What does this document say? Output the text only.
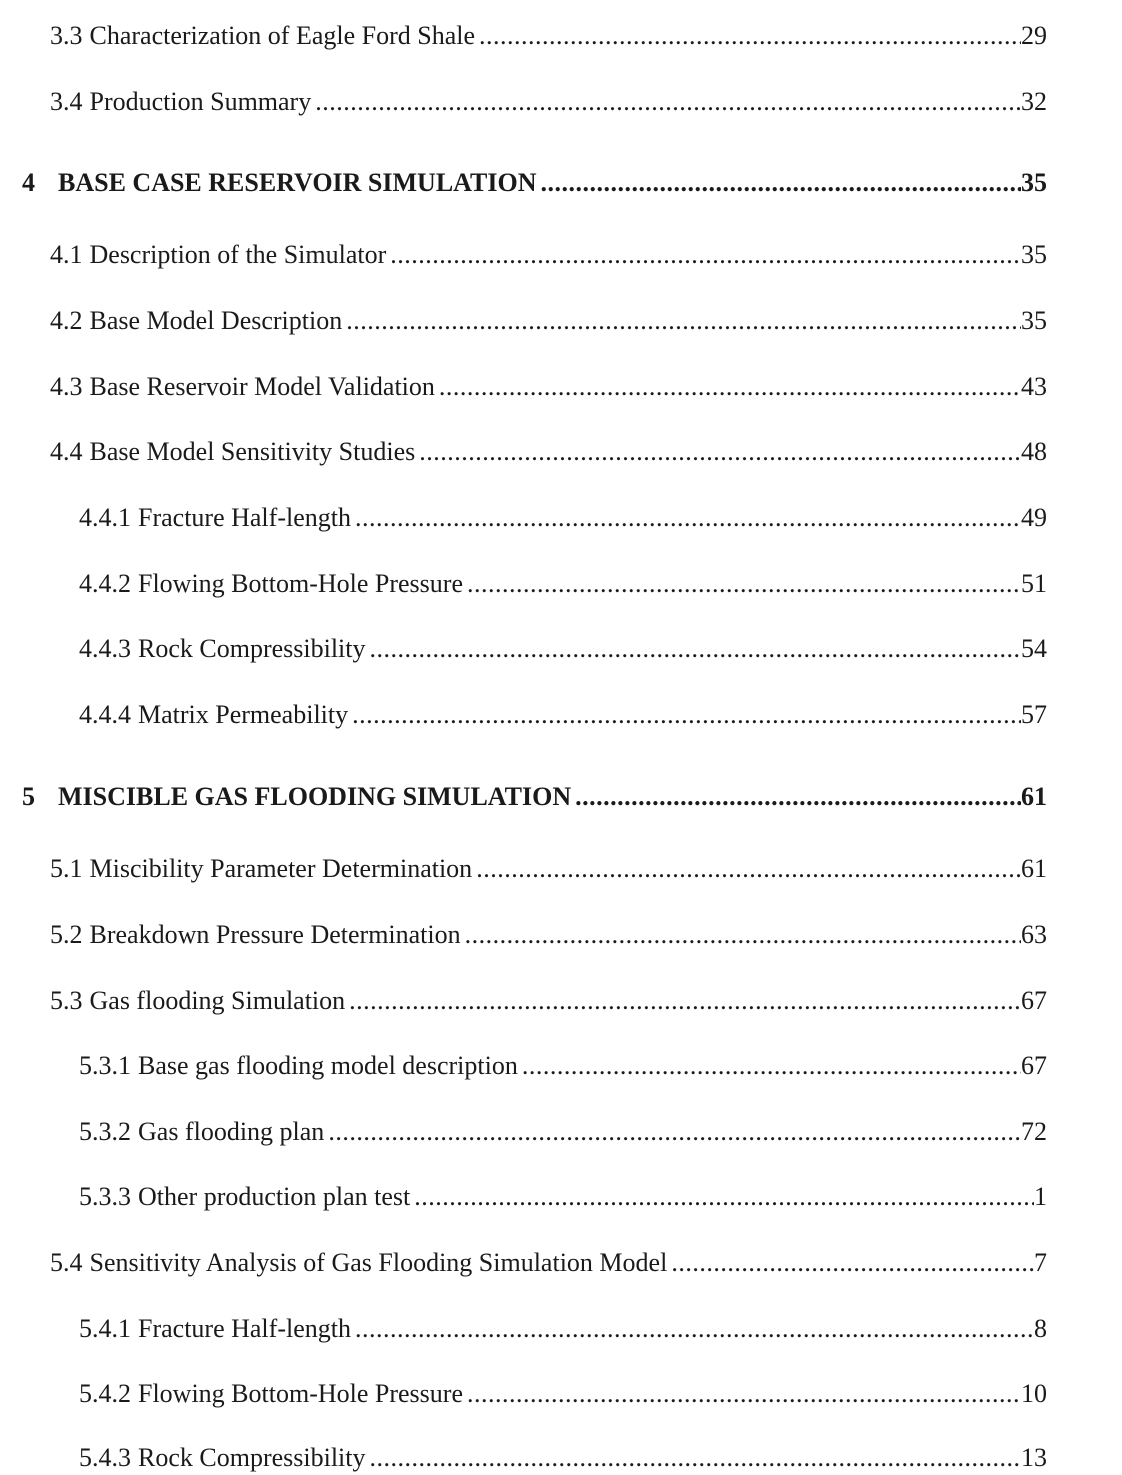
3.3 Characterization of Eagle Ford Shale .....	29
3.4 Production Summary .....	32
4 BASE CASE RESERVOIR SIMULATION .....	35
4.1 Description of the Simulator .....	35
4.2 Base Model Description .....	35
4.3 Base Reservoir Model Validation .....	43
4.4 Base Model Sensitivity Studies .....	48
4.4.1 Fracture Half-length .....	49
4.4.2 Flowing Bottom-Hole Pressure .....	51
4.4.3 Rock Compressibility .....	54
4.4.4 Matrix Permeability .....	57
5 MISCIBLE GAS FLOODING SIMULATION .....	61
5.1 Miscibility Parameter Determination .....	61
5.2 Breakdown Pressure Determination .....	63
5.3 Gas flooding Simulation .....	67
5.3.1 Base gas flooding model description .....	67
5.3.2 Gas flooding plan .....	72
5.3.3 Other production plan test .....	1
5.4 Sensitivity Analysis of Gas Flooding Simulation Model .....	7
5.4.1 Fracture Half-length .....	8
5.4.2 Flowing Bottom-Hole Pressure .....	10
5.4.3 Rock Compressibility .....	13
